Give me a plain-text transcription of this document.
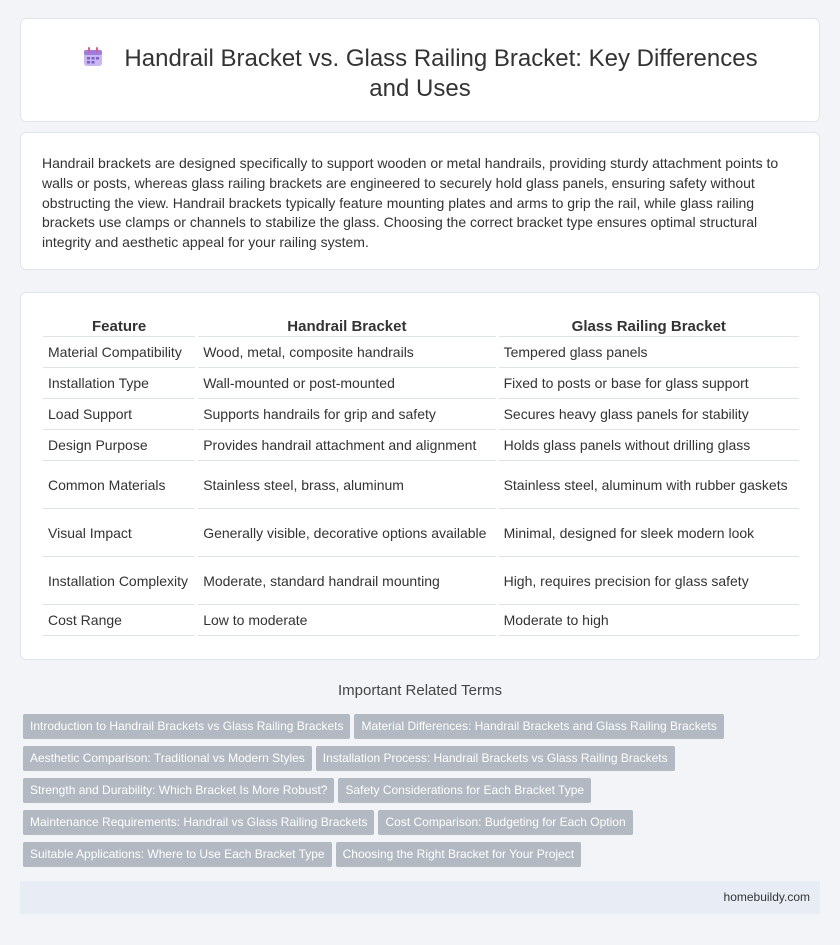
Handrail Bracket vs. Glass Railing Bracket: Key Differences and Uses

Handrail brackets are designed specifically to support wooden or metal handrails, providing sturdy attachment points to walls or posts, whereas glass railing brackets are engineered to securely hold glass panels, ensuring safety without obstructing the view. Handrail brackets typically feature mounting plates and arms to grip the rail, while glass railing brackets use clamps or channels to stabilize the glass. Choosing the correct bracket type ensures optimal structural integrity and aesthetic appeal for your railing system.

Feature		Handrail Bracket		Glass Railing Bracket
Material Compatibility		Wood, metal, composite handrails		Tempered glass panels
Installation Type		Wall-mounted or post-mounted		Fixed to posts or base for glass support
Load Support		Supports handrails for grip and safety		Secures heavy glass panels for stability
Design Purpose		Provides handrail attachment and alignment		Holds glass panels without drilling glass
Common Materials		Stainless steel, brass, aluminum		Stainless steel, aluminum with rubber gaskets
Visual Impact		Generally visible, decorative options available		Minimal, designed for sleek modern look
Installation Complexity		Moderate, standard handrail mounting		High, requires precision for glass safety
Cost Range		Low to moderate		Moderate to high
Important Related Terms
Introduction to Handrail Brackets vs Glass Railing Brackets Material Differences: Handrail Brackets and Glass Railing Brackets
Aesthetic Comparison: Traditional vs Modern Styles Installation Process: Handrail Brackets vs Glass Railing Brackets
Strength and Durability: Which Bracket Is More Robust? Safety Considerations for Each Bracket Type
Maintenance Requirements: Handrail vs Glass Railing Brackets Cost Comparison: Budgeting for Each Option
Suitable Applications: Where to Use Each Bracket Type Choosing the Right Bracket for Your Project
homebuildy.com
